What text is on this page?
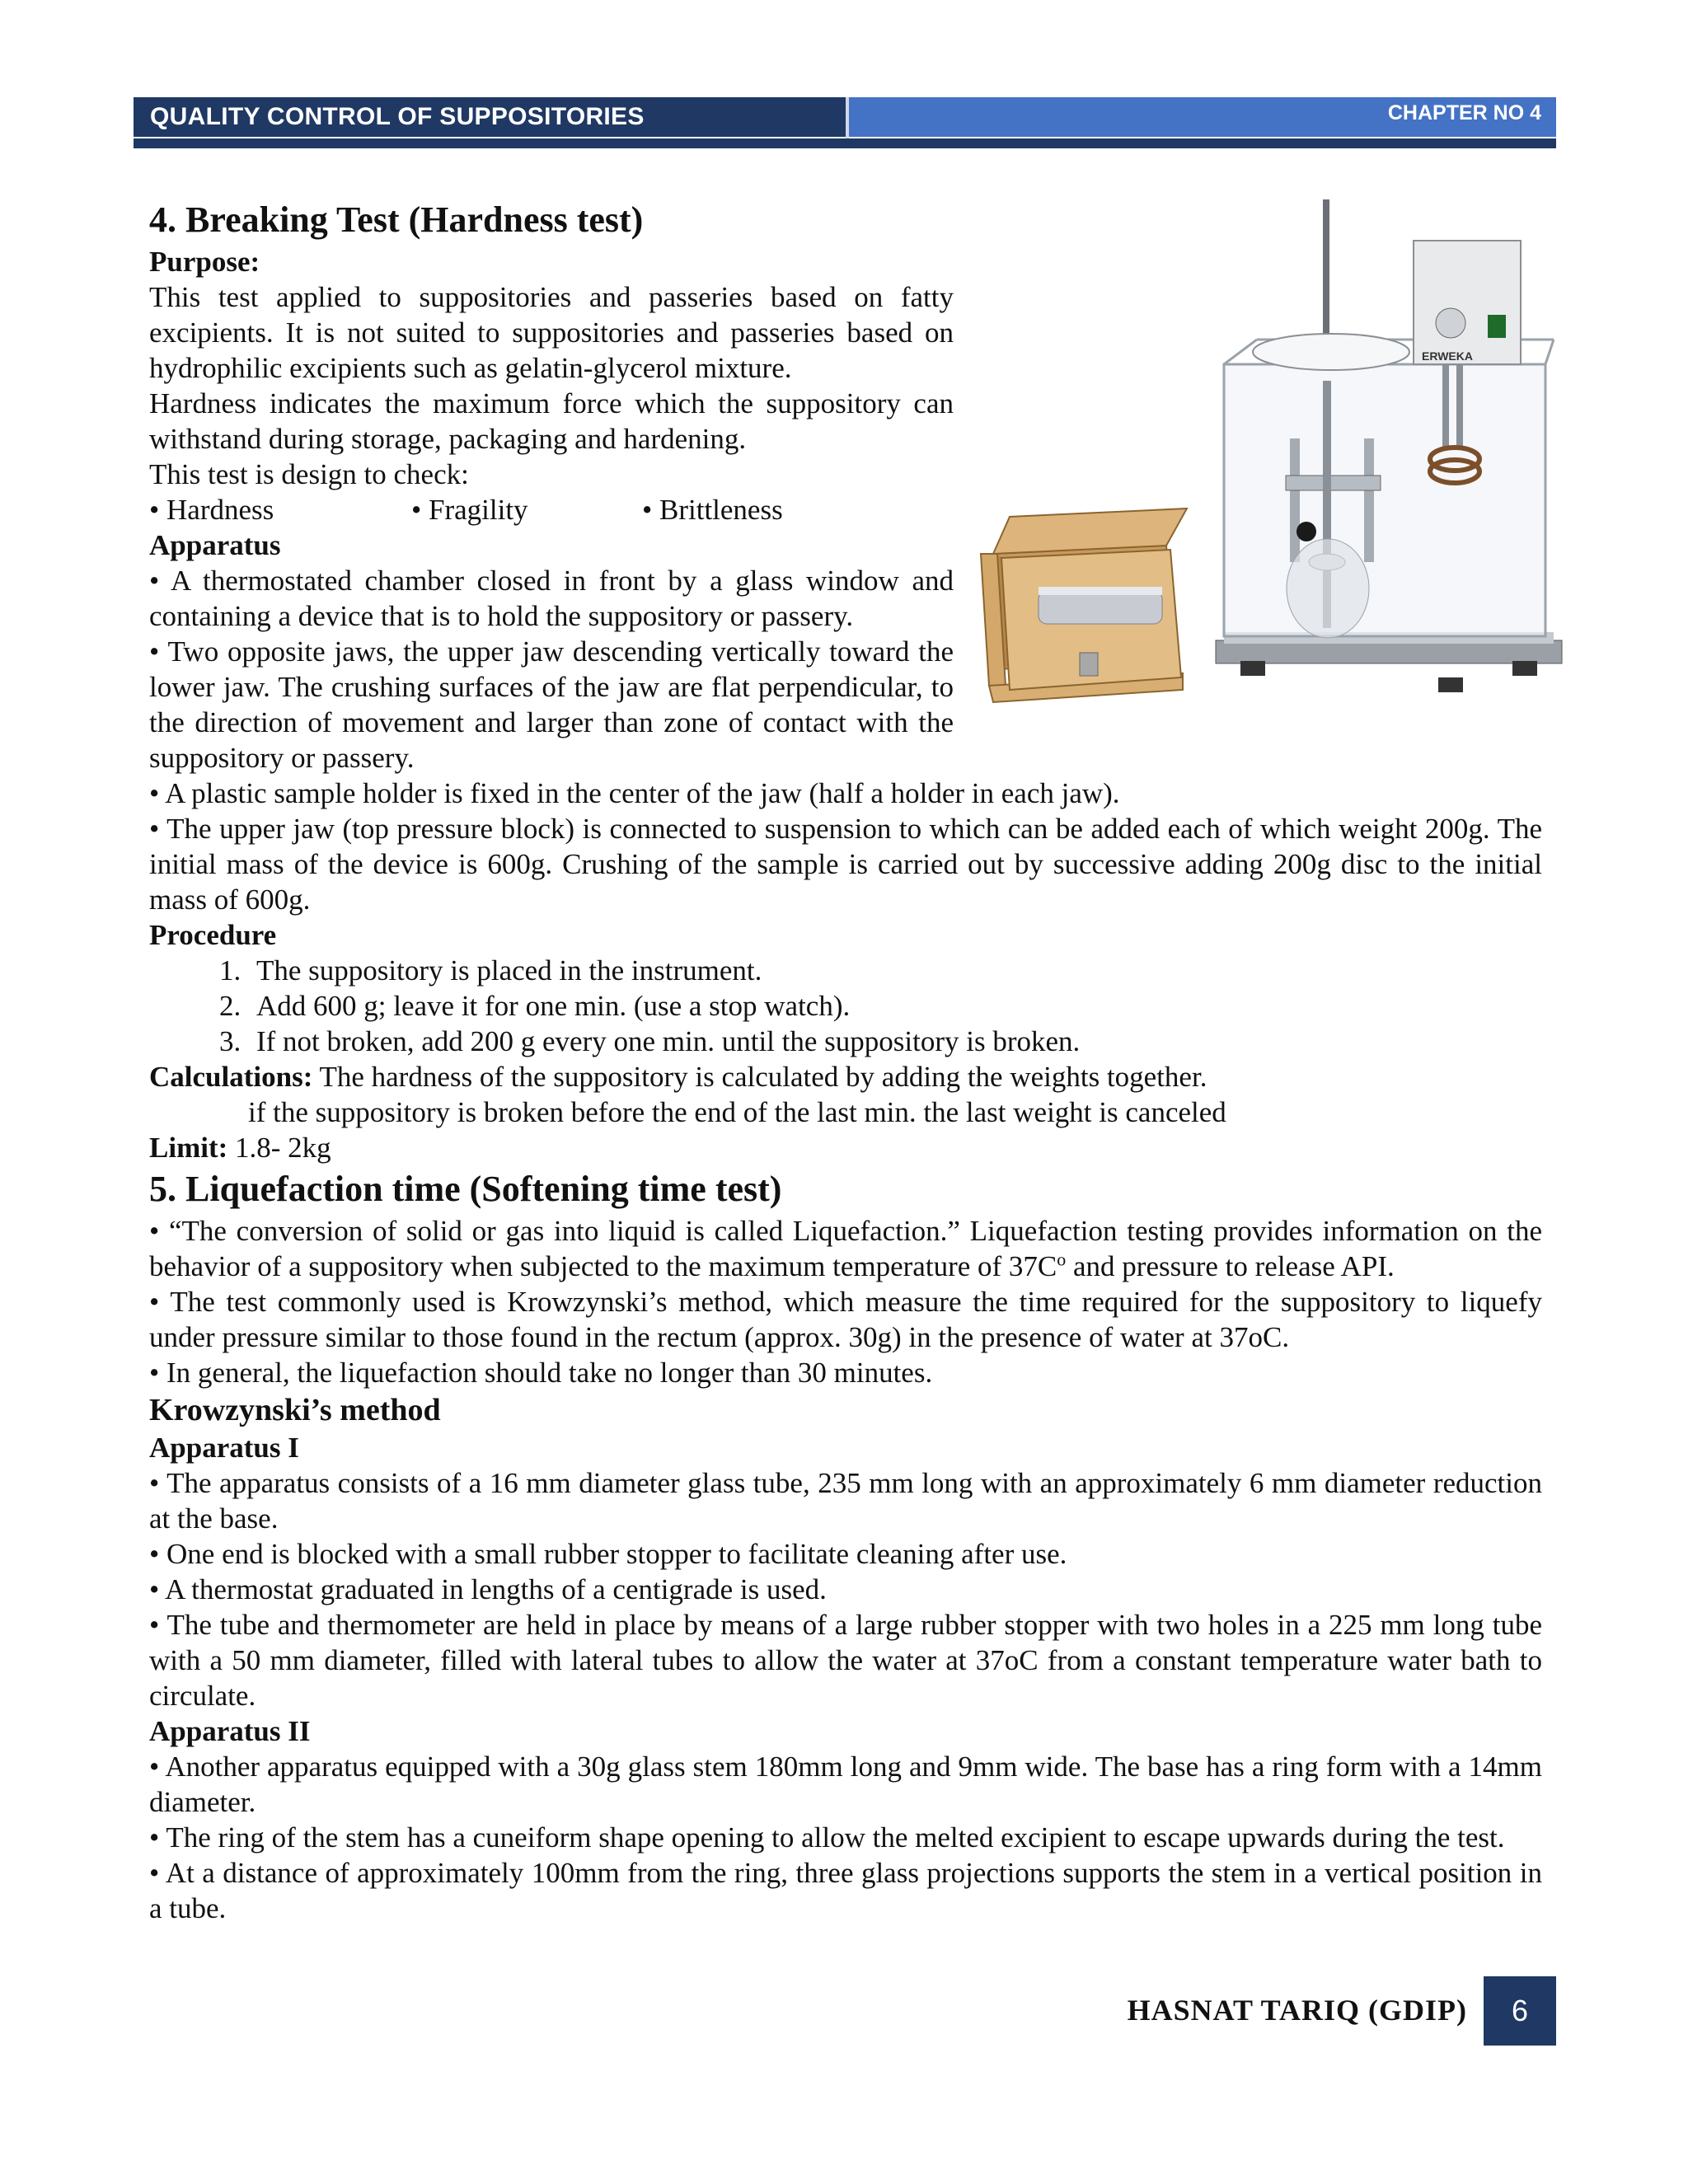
QUALITY CONTROL OF SUPPOSITORIES	CHAPTER NO 4
ERWEKA
4. Breaking Test (Hardness test)

Purpose:

This test applied to suppositories and passeries based on fatty excipients. It is not suited to suppositories and passeries based on hydrophilic excipients such as gelatin-glycerol mixture.

Hardness indicates the maximum force which the suppository can withstand during storage, packaging and hardening.

This test is design to check:

• Hardness	• Fragility	• Brittleness

Apparatus

• A thermostated chamber closed in front by a glass window and containing a device that is to hold the suppository or passery.

• Two opposite jaws, the upper jaw descending vertically toward the lower jaw. The crushing surfaces of the jaw are flat perpendicular, to the direction of movement and larger than zone of contact with the suppository or passery.

• A plastic sample holder is fixed in the center of the jaw (half a holder in each jaw).

• The upper jaw (top pressure block) is connected to suspension to which can be added each of which weight 200g. The initial mass of the device is 600g. Crushing of the sample is carried out by successive adding 200g disc to the initial mass of 600g.

Procedure

1. The suppository is placed in the instrument.
2. Add 600 g; leave it for one min. (use a stop watch).
3. If not broken, add 200 g every one min. until the suppository is broken.

Calculations: The hardness of the suppository is calculated by adding the weights together.

if the suppository is broken before the end of the last min. the last weight is canceled

Limit: 1.8- 2kg

5. Liquefaction time (Softening time test)

• “The conversion of solid or gas into liquid is called Liquefaction.” Liquefaction testing provides information on the behavior of a suppository when subjected to the maximum temperature of $37C^o$ and pressure to release API.

• The test commonly used is Krowzynski’s method, which measure the time required for the suppository to liquefy under pressure similar to those found in the rectum (approx. 30g) in the presence of water at 37oC.

• In general, the liquefaction should take no longer than 30 minutes.

Krowzynski’s method

Apparatus I

• The apparatus consists of a 16 mm diameter glass tube, 235 mm long with an approximately 6 mm diameter reduction at the base.

• One end is blocked with a small rubber stopper to facilitate cleaning after use.

• A thermostat graduated in lengths of a centigrade is used.

• The tube and thermometer are held in place by means of a large rubber stopper with two holes in a 225 mm long tube with a 50 mm diameter, filled with lateral tubes to allow the water at 37oC from a constant temperature water bath to circulate.

Apparatus II

• Another apparatus equipped with a 30g glass stem 180mm long and 9mm wide. The base has a ring form with a 14mm diameter.

• The ring of the stem has a cuneiform shape opening to allow the melted excipient to escape upwards during the test.

• At a distance of approximately 100mm from the ring, three glass projections supports the stem in a vertical position in a tube.

HASNAT TARIQ (GDIP)	6
